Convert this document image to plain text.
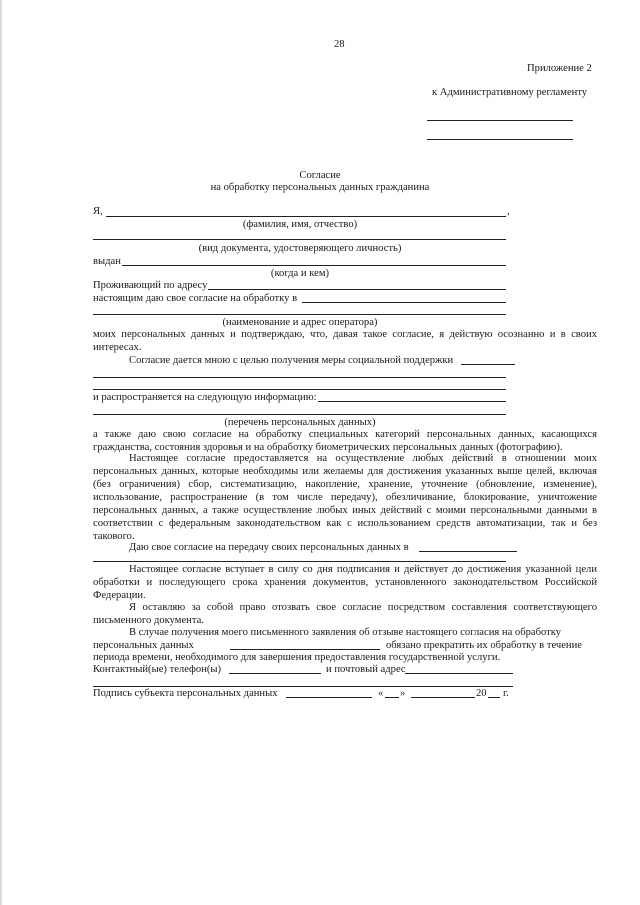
28
Приложение 2
к Административному регламенту
Согласие
на обработку персональных данных гражданина
Я,	,
(фамилия, имя, отчество)
(вид документа, удостоверяющего личность)
выдан
(когда и кем)
Проживающий по адресу
настоящим даю свое согласие на обработку в
(наименование и адрес оператора)
моих персональных данных и подтверждаю, что, давая такое согласие, я действую осознанно и в своих интересах.
Согласие дается мною с целью получения меры социальной поддержки
и распространяется на следующую информацию:
(перечень персональных данных)
а также даю свою согласие на обработку специальных категорий персональных данных, касающихся гражданства, состояния здоровья и на обработку биометрических персональных данных (фотографию).
Настоящее согласие предоставляется на осуществление любых действий в отношении моих персональных данных, которые необходимы или желаемы для достижения указанных выше целей, включая (без ограничения) сбор, систематизацию, накопление, хранение, уточнение (обновление, изменение), использование, распространение (в том числе передачу), обезличивание, блокирование, уничтожение персональных данных, а также осуществление любых иных действий с моими персональными данными в соответствии с федеральным законодательством как с использованием средств автоматизации, так и без такового.
Даю свое согласие на передачу своих персональных данных в
Настоящее согласие вступает в силу со дня подписания и действует до достижения указанной цели обработки и последующего срока хранения документов, установленного законодательством Российской Федерации.
Я оставляю за собой право отозвать свое согласие посредством составления соответствующего письменного документа.
В случае получения моего письменного заявления об отзыве настоящего согласия на обработку
персональных данных	обязано прекратить их обработку в течение
периода времени, необходимого для завершения предоставления государственной услуги.
Контактный(ые) телефон(ы)	и почтовый адрес
Подпись субъекта персональных данных	« »	20 г.
